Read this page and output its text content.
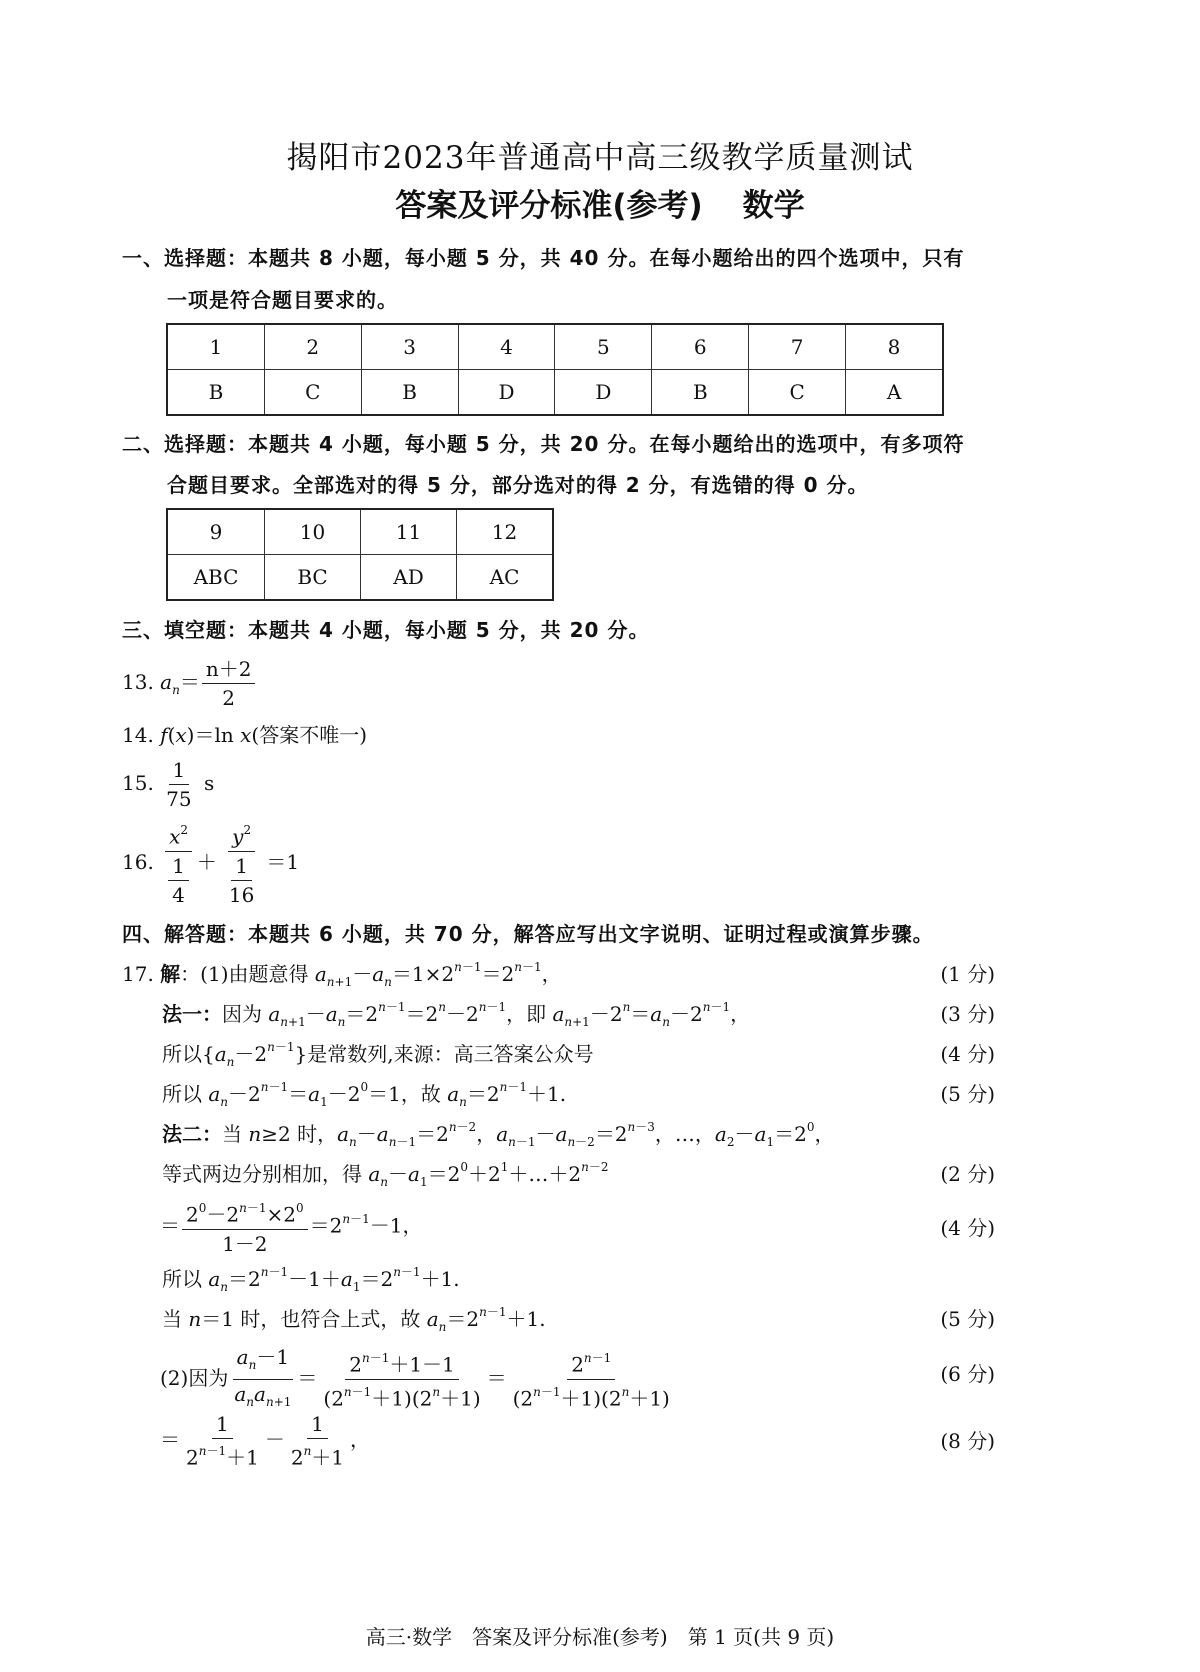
揭阳市2023年普通高中高三级教学质量测试
答案及评分标准(参考) 数学
一、选择题：本题共 8 小题，每小题 5 分，共 40 分。在每小题给出的四个选项中，只有
一项是符合题目要求的。
1	2	3	4	5	6	7	8
B	C	B	D	D	B	C	A
二、选择题：本题共 4 小题，每小题 5 分，共 20 分。在每小题给出的选项中，有多项符
合题目要求。全部选对的得 5 分，部分选对的得 2 分，有选错的得 0 分。
9	10	11	12
ABC	BC	AD	AC
三、填空题：本题共 4 小题，每小题 5 分，共 20 分。
13. $a_n= \frac{n+2}{2}$
14. f(x)＝ln x(答案不唯一)
15. $\frac{1}{75}$ s
16. $\frac{x^2}{\frac{1}{4}} + \frac{y^2}{\frac{1}{16}} =1$
四、解答题：本题共 6 小题，共 70 分，解答应写出文字说明、证明过程或演算步骤。
17. 解：(1)由题意得 $a_{n+1}-a_n=1\times 2^{n-1}=2^{n-1}$，	(1 分)
法一：因为 $a_{n+1}-a_n=2^{n-1}=2^n-2^{n-1}$，即 $a_{n+1}-2^n=a_n-2^{n-1}$，	(3 分)
所以$\{a_n-2^{n-1}\}$是常数列,来源：高三答案公众号	(4 分)
所以 $a_n-2^{n-1}=a_1-2^0=1$，故 $a_n=2^{n-1}+1$.	(5 分)
法二：当 n≥2 时，$a_n-a_{n-1}=2^{n-2}$，$a_{n-1}-a_{n-2}=2^{n-3}$，…，$a_2-a_1=2^0$，
等式两边分别相加，得 $a_n-a_1=2^0+2^1+\dots+2^{n-2}$	(2 分)
＝ $\frac{2^0-2^{n-1}\times 2^0}{1-2} =2^{n-1}-1$，	(4 分)
所以 $a_n=2^{n-1}-1+a_1=2^{n-1}+1$.
当 n＝1 时，也符合上式，故 $a_n=2^{n-1}+1$.	(5 分)
(2)因为 $\frac{a_n-1}{a_na_{n+1}} = \frac{2^{n-1}+1-1}{(2^{n-1}+1)(2^n+1)} = \frac{2^{n-1}}{(2^{n-1}+1)(2^n+1)}$	(6 分)
＝ $\frac{1}{2^{n-1}+1} - \frac{1}{2^n+1}$ ，	(8 分)
高三·数学　答案及评分标准(参考)　第 1 页(共 9 页)
